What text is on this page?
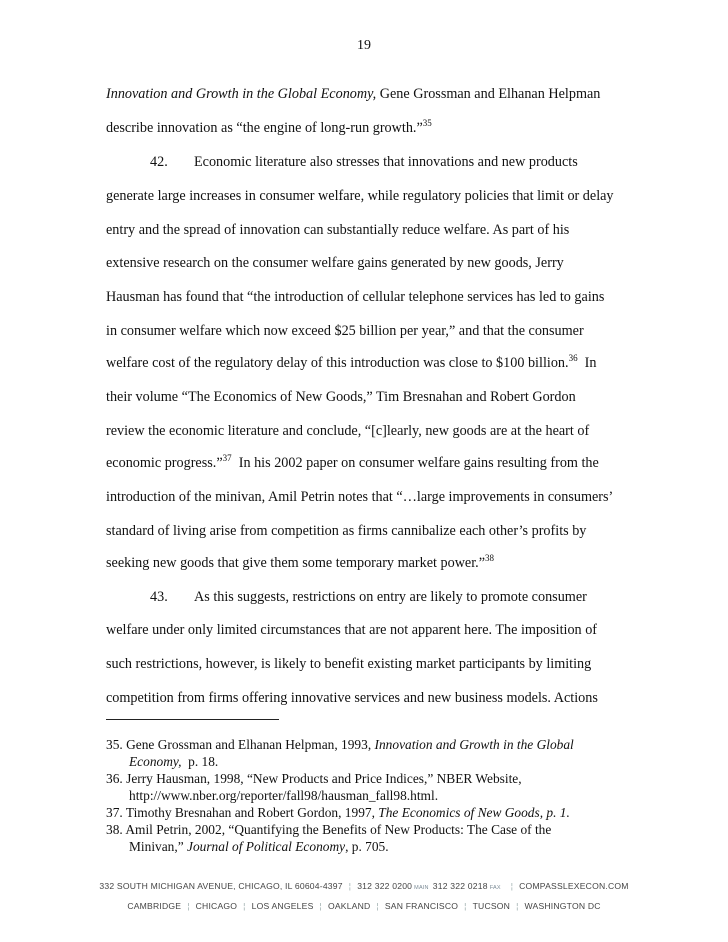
19
Innovation and Growth in the Global Economy, Gene Grossman and Elhanan Helpman
describe innovation as “the engine of long-run growth.”$^{35}$
42. Economic literature also stresses that innovations and new products
generate large increases in consumer welfare, while regulatory policies that limit or delay
entry and the spread of innovation can substantially reduce welfare. As part of his
extensive research on the consumer welfare gains generated by new goods, Jerry
Hausman has found that “the introduction of cellular telephone services has led to gains
in consumer welfare which now exceed $25 billion per year,” and that the consumer
welfare cost of the regulatory delay of this introduction was close to $100 billion.$^{36}$  In
their volume “The Economics of New Goods,” Tim Bresnahan and Robert Gordon
review the economic literature and conclude, “[c]learly, new goods are at the heart of
economic progress.”$^{37}$  In his 2002 paper on consumer welfare gains resulting from the
introduction of the minivan, Amil Petrin notes that “…large improvements in consumers’
standard of living arise from competition as firms cannibalize each other’s profits by
seeking new goods that give them some temporary market power.”$^{38}$
43. As this suggests, restrictions on entry are likely to promote consumer
welfare under only limited circumstances that are not apparent here. The imposition of
such restrictions, however, is likely to benefit existing market participants by limiting
competition from firms offering innovative services and new business models. Actions
35. Gene Grossman and Elhanan Helpman, 1993, Innovation and Growth in the Global
Economy,  p. 18.
36. Jerry Hausman, 1998, “New Products and Price Indices,” NBER Website,
http://www.nber.org/reporter/fall98/hausman_fall98.html.
37. Timothy Bresnahan and Robert Gordon, 1997, The Economics of New Goods, p. 1.
38. Amil Petrin, 2002, “Quantifying the Benefits of New Products: The Case of the
Minivan,” Journal of Political Economy, p. 705.
332 SOUTH MICHIGAN AVENUE, CHICAGO, IL 60604-4397 ¦ 312 322 0200 MAIN 312 322 0218 FAX ¦ COMPASSLEXECON.COM
CAMBRIDGE ¦ CHICAGO ¦ LOS ANGELES ¦ OAKLAND ¦ SAN FRANCISCO ¦ TUCSON ¦ WASHINGTON DC
